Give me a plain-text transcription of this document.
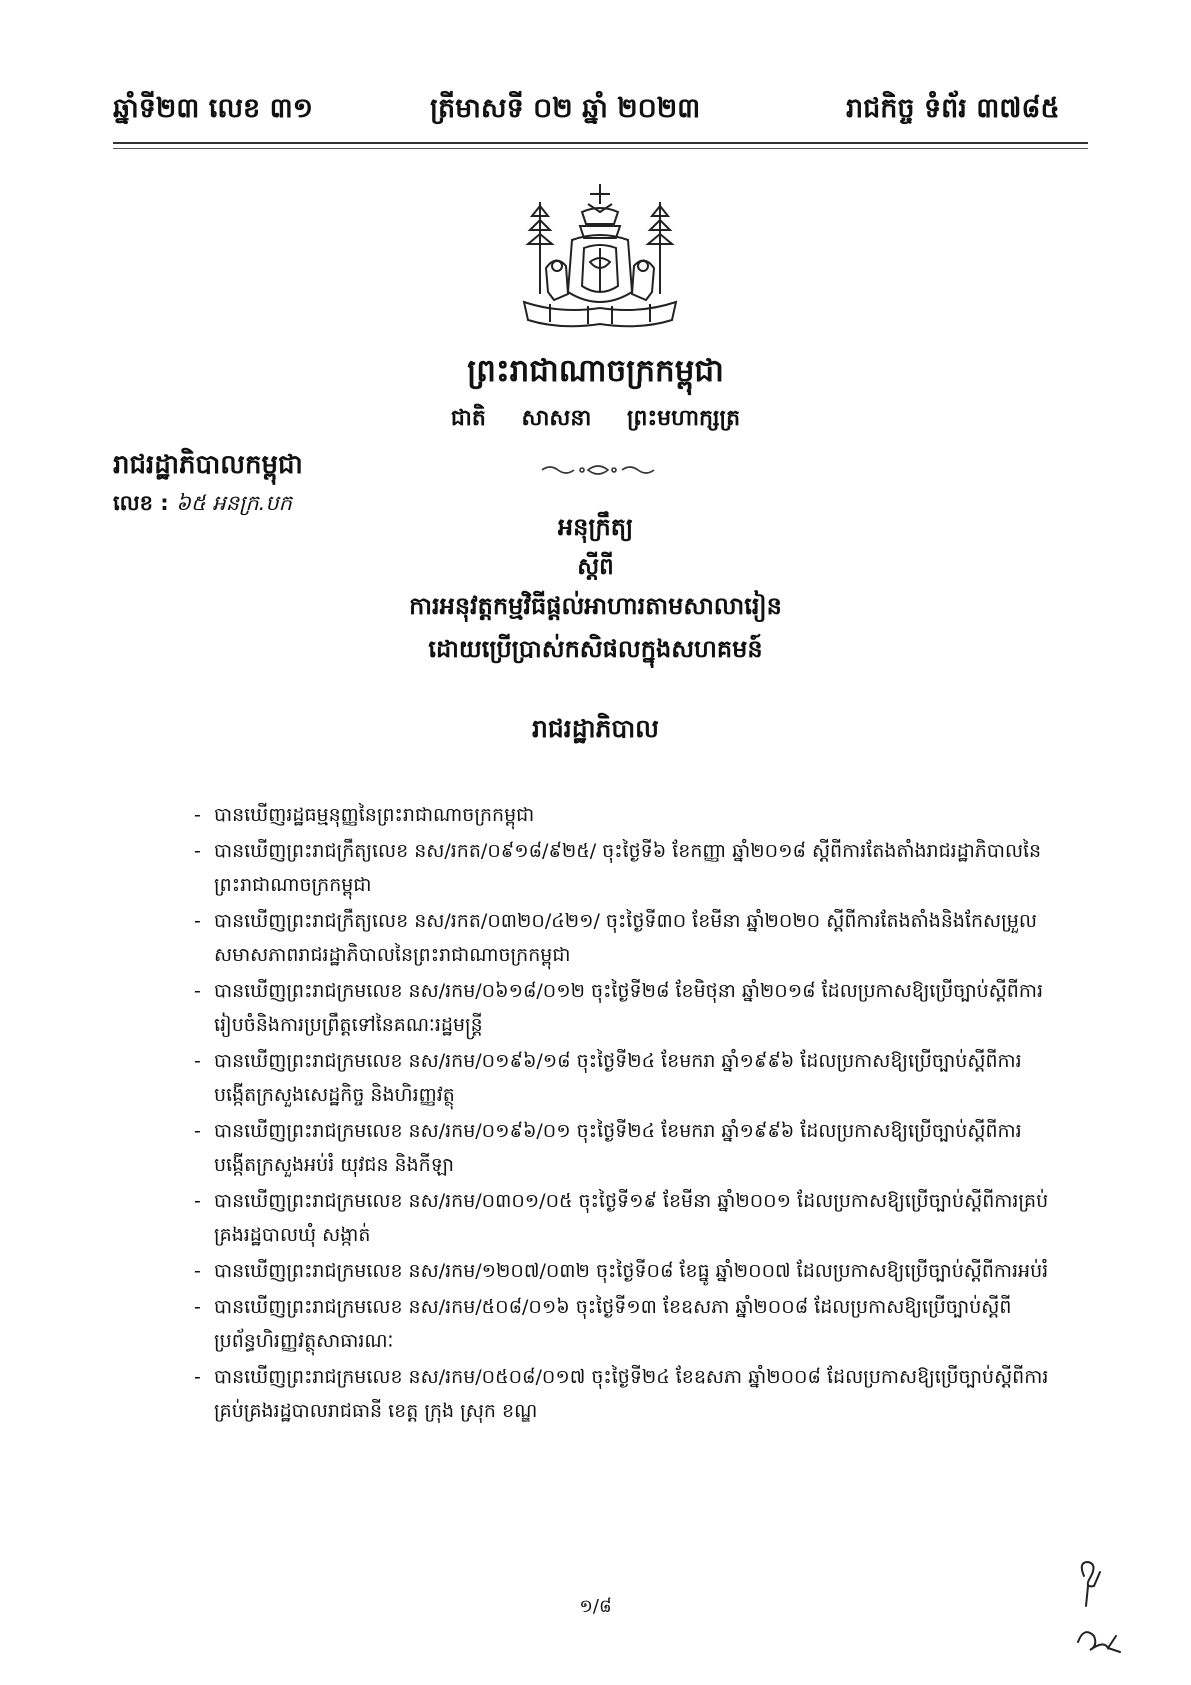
ឆ្នាំទី២៣ លេខ ៣១	ត្រីមាសទី ០២ ឆ្នាំ ២០២៣	រាជកិច្ច ទំព័រ ៣៧៨៥
ព្រះរាជាណាចក្រកម្ពុជា
ជាតិ សាសនា ព្រះមហាក្សត្រ
រាជរដ្ឋាភិបាលកម្ពុជា
លេខ : ៦៥ អនក្រ.បក
អនុក្រឹត្យ
ស្តីពី
ការអនុវត្តកម្មវិធីផ្តល់អាហារតាមសាលារៀន
ដោយប្រើប្រាស់កសិផលក្នុងសហគមន៍
រាជរដ្ឋាភិបាល
- បានឃើញរដ្ឋធម្មនុញ្ញនៃព្រះរាជាណាចក្រកម្ពុជា
- បានឃើញព្រះរាជក្រឹត្យលេខ នស/រកត/០៩១៨/៩២៥/ ចុះថ្ងៃទី៦ ខែកញ្ញា ឆ្នាំ២០១៨ ស្តីពីការតែងតាំងរាជរដ្ឋាភិបាលនៃព្រះរាជាណាចក្រកម្ពុជា
- បានឃើញព្រះរាជក្រឹត្យលេខ នស/រកត/០៣២០/៤២១/ ចុះថ្ងៃទី៣០ ខែមីនា ឆ្នាំ២០២០ ស្តីពីការតែងតាំងនិងកែសម្រួលសមាសភាពរាជរដ្ឋាភិបាលនៃព្រះរាជាណាចក្រកម្ពុជា
- បានឃើញព្រះរាជក្រមលេខ នស/រកម/០៦១៨/០១២ ចុះថ្ងៃទី២៨ ខែមិថុនា ឆ្នាំ២០១៨ ដែលប្រកាសឱ្យប្រើច្បាប់ស្តីពីការរៀបចំនិងការប្រព្រឹត្តទៅនៃគណៈរដ្ឋមន្ត្រី
- បានឃើញព្រះរាជក្រមលេខ នស/រកម/០១៩៦/១៨ ចុះថ្ងៃទី២៤ ខែមករា ឆ្នាំ១៩៩៦ ដែលប្រកាសឱ្យប្រើច្បាប់ស្តីពីការបង្កើតក្រសួងសេដ្ឋកិច្ច និងហិរញ្ញវត្ថុ
- បានឃើញព្រះរាជក្រមលេខ នស/រកម/០១៩៦/០១ ចុះថ្ងៃទី២៤ ខែមករា ឆ្នាំ១៩៩៦ ដែលប្រកាសឱ្យប្រើច្បាប់ស្តីពីការបង្កើតក្រសួងអប់រំ យុវជន និងកីឡា
- បានឃើញព្រះរាជក្រមលេខ នស/រកម/០៣០១/០៥ ចុះថ្ងៃទី១៩ ខែមីនា ឆ្នាំ២០០១ ដែលប្រកាសឱ្យប្រើច្បាប់ស្តីពីការគ្រប់គ្រងរដ្ឋបាលឃុំ សង្កាត់
- បានឃើញព្រះរាជក្រមលេខ នស/រកម/១២០៧/០៣២ ចុះថ្ងៃទី០៨ ខែធ្នូ ឆ្នាំ២០០៧ ដែលប្រកាសឱ្យប្រើច្បាប់ស្តីពីការអប់រំ
- បានឃើញព្រះរាជក្រមលេខ នស/រកម/៥០៨/០១៦ ចុះថ្ងៃទី១៣ ខែឧសភា ឆ្នាំ២០០៨ ដែលប្រកាសឱ្យប្រើច្បាប់ស្តីពីប្រព័ន្ធហិរញ្ញវត្ថុសាធារណៈ
- បានឃើញព្រះរាជក្រមលេខ នស/រកម/០៥០៨/០១៧ ចុះថ្ងៃទី២៤ ខែឧសភា ឆ្នាំ២០០៨ ដែលប្រកាសឱ្យប្រើច្បាប់ស្តីពីការគ្រប់គ្រងរដ្ឋបាលរាជធានី ខេត្ត ក្រុង ស្រុក ខណ្ឌ
១/៨
